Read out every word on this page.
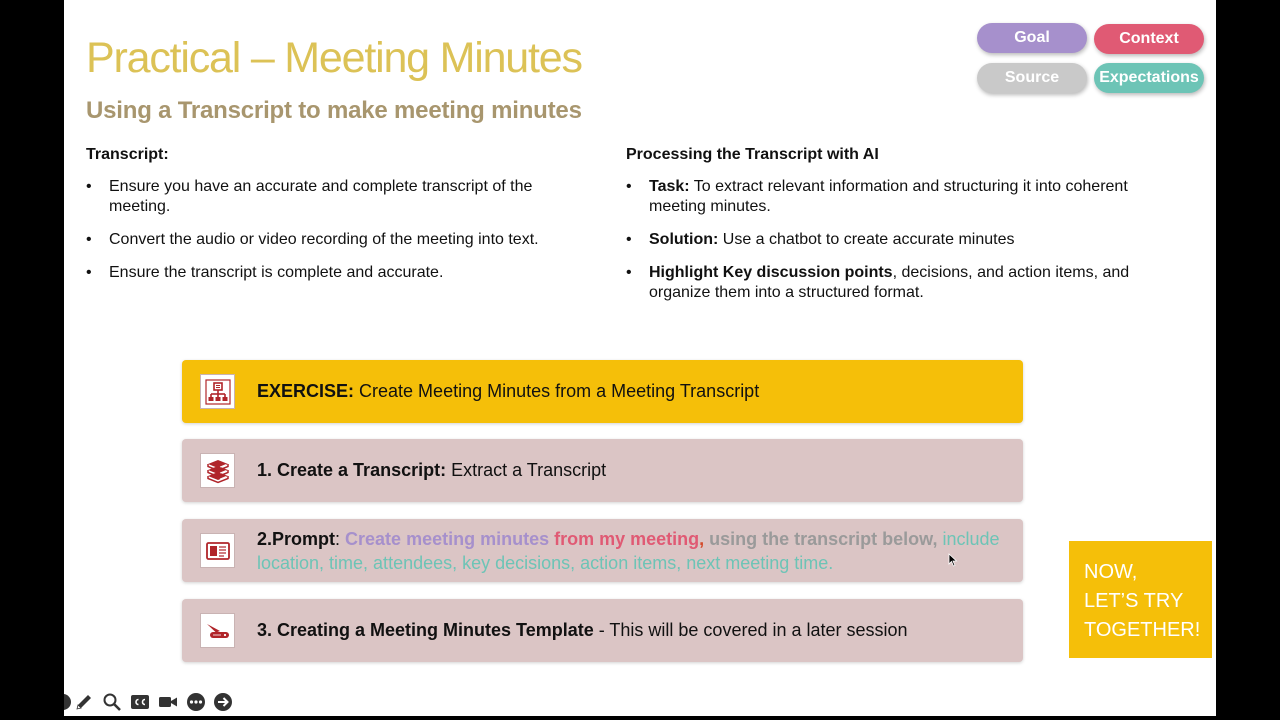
Practical – Meeting Minutes
Using a Transcript to make meeting minutes
Goal	Context
Source	Expectations
Transcript:
• Ensure you have an accurate and complete transcript of the meeting.
• Convert the audio or video recording of the meeting into text.
• Ensure the transcript is complete and accurate.
Processing the Transcript with AI
• Task: To extract relevant information and structuring it into coherent meeting minutes.
• Solution: Use a chatbot to create accurate minutes
• Highlight Key discussion points, decisions, and action items, and organize them into a structured format.
EXERCISE: Create Meeting Minutes from a Meeting Transcript
1. Create a Transcript: Extract a Transcript
2.Prompt: Create meeting minutes from my meeting, using the transcript below, include location, time, attendees, key decisions, action items, next meeting time.
3. Creating a Meeting Minutes Template - This will be covered in a later session
NOW,
LET’S TRY
TOGETHER!
